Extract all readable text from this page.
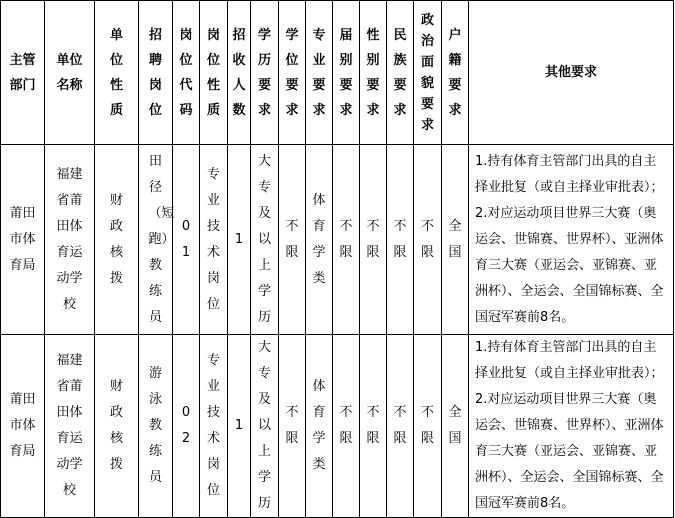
主管部门	单位名称	单位性质	招聘岗位	岗位代码	岗位性质	招收人数	学历要求	学位要求	专业要求	届别要求	性别要求	民族要求	政治面貌要求	户籍要求	其他要求

莆田市体育局	福建省莆田体育运动学校	财政核拨	田径（短跑）教练员	01	专业技术岗位	1	大专及以上学历	不限	体育学类	不限	不限	不限	不限	全国	1.持有体育主管部门出具的自主择业批复（或自主择业审批表）；
2.对应运动项目世界三大赛（奥运会、世锦赛、世界杯）、亚洲体育三大赛（亚运会、亚锦赛、亚洲杯）、全运会、全国锦标赛、全国冠军赛前8名。

莆田市体育局	福建省莆田体育运动学校	财政核拨	游泳教练员	02	专业技术岗位	1	大专及以上学历	不限	体育学类	不限	不限	不限	不限	全国	1.持有体育主管部门出具的自主择业批复（或自主择业审批表）；
2.对应运动项目世界三大赛（奥运会、世锦赛、世界杯）、亚洲体育三大赛（亚运会、亚锦赛、亚洲杯）、全运会、全国锦标赛、全国冠军赛前8名。
